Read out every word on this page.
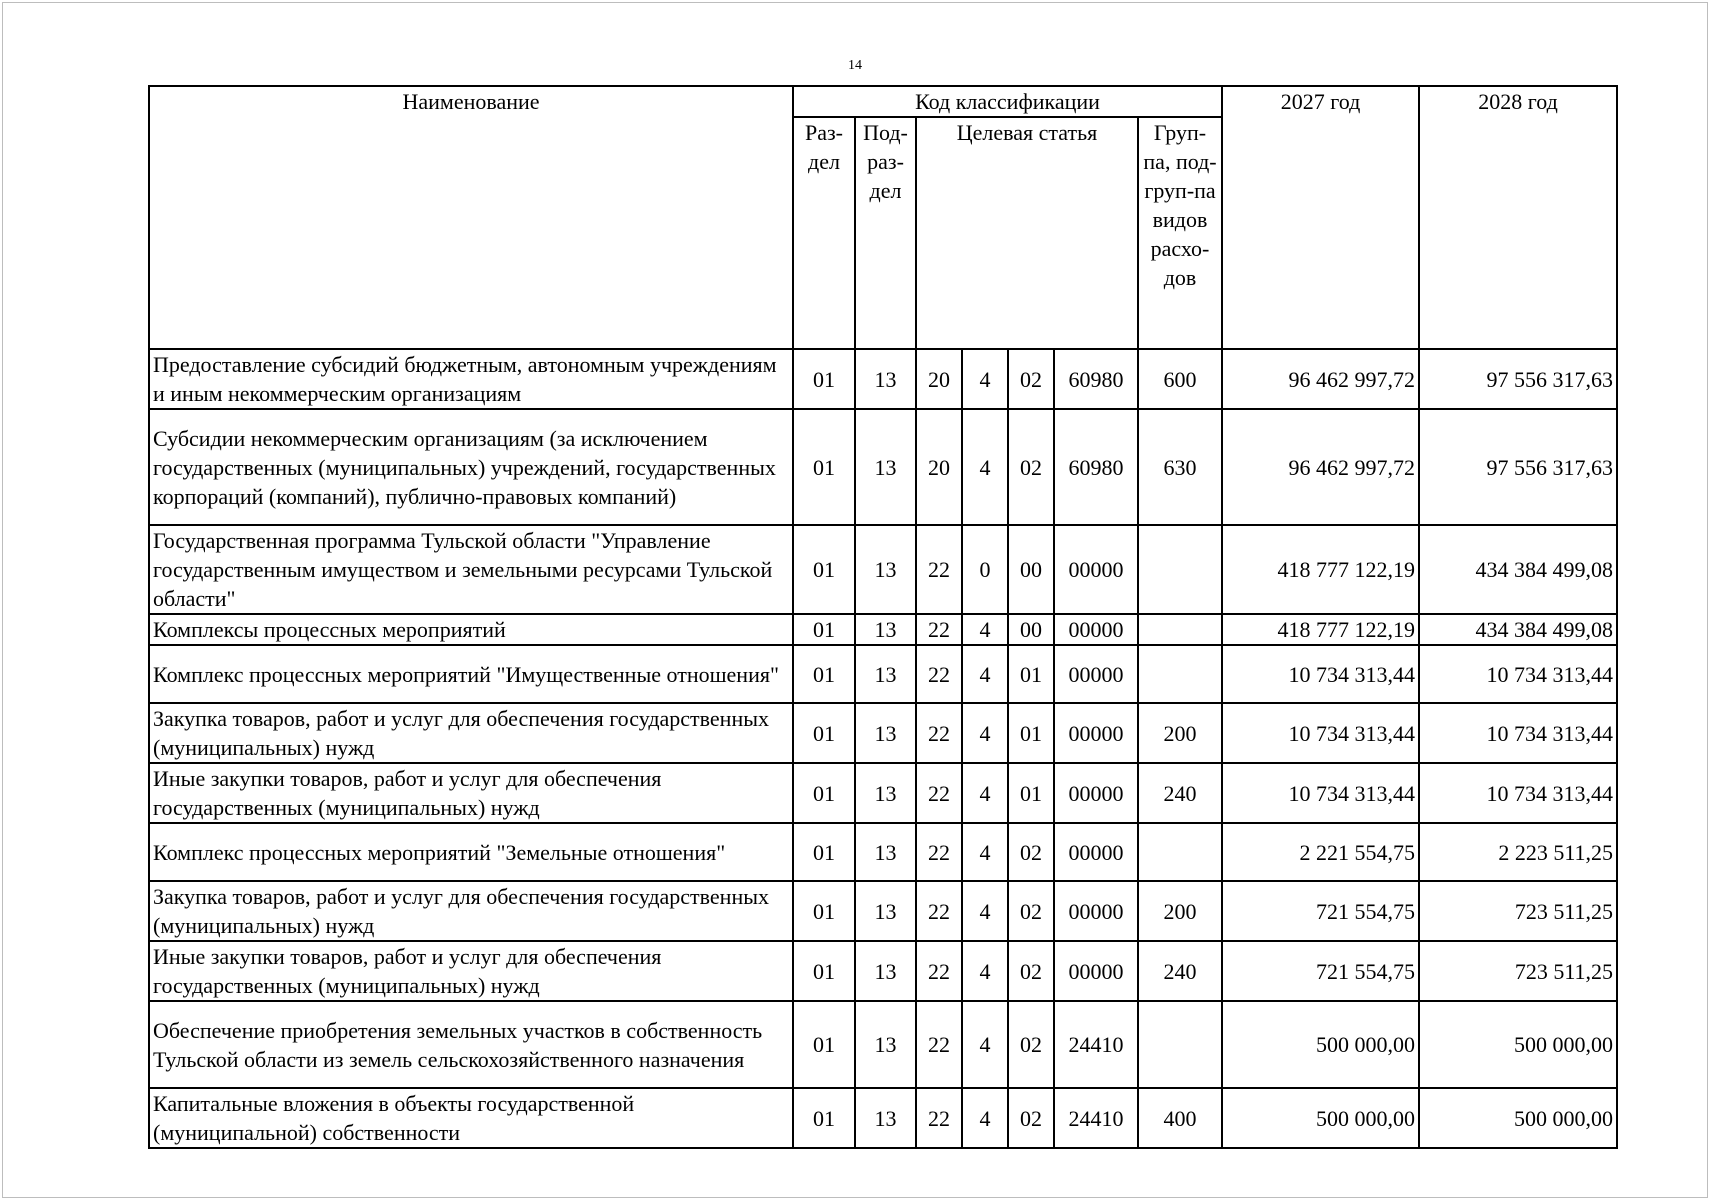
14
Наименование	Код классификации							2027 год	2028 год
	Раз-дел	Под-раз-дел	Целевая статья				Груп-па, под-груп-па видов расхо-дов		
Предоставление субсидий бюджетным, автономным учреждениям и иным некоммерческим организациям	01	13	20	4	02	60980	600	96 462 997,72	97 556 317,63
Субсидии некоммерческим организациям (за исключением государственных (муниципальных) учреждений, государственных корпораций (компаний), публично-правовых компаний)	01	13	20	4	02	60980	630	96 462 997,72	97 556 317,63
Государственная программа Тульской области "Управление государственным имуществом и земельными ресурсами Тульской области"	01	13	22	0	00	00000		418 777 122,19	434 384 499,08
Комплексы процессных мероприятий	01	13	22	4	00	00000		418 777 122,19	434 384 499,08
Комплекс процессных мероприятий "Имущественные отношения"	01	13	22	4	01	00000		10 734 313,44	10 734 313,44
Закупка товаров, работ и услуг для обеспечения государственных (муниципальных) нужд	01	13	22	4	01	00000	200	10 734 313,44	10 734 313,44
Иные закупки товаров, работ и услуг для обеспечения государственных (муниципальных) нужд	01	13	22	4	01	00000	240	10 734 313,44	10 734 313,44
Комплекс процессных мероприятий "Земельные отношения"	01	13	22	4	02	00000		2 221 554,75	2 223 511,25
Закупка товаров, работ и услуг для обеспечения государственных (муниципальных) нужд	01	13	22	4	02	00000	200	721 554,75	723 511,25
Иные закупки товаров, работ и услуг для обеспечения государственных (муниципальных) нужд	01	13	22	4	02	00000	240	721 554,75	723 511,25
Обеспечение приобретения земельных участков в собственность Тульской области из земель сельскохозяйственного назначения	01	13	22	4	02	24410		500 000,00	500 000,00
Капитальные вложения в объекты государственной (муниципальной) собственности	01	13	22	4	02	24410	400	500 000,00	500 000,00
